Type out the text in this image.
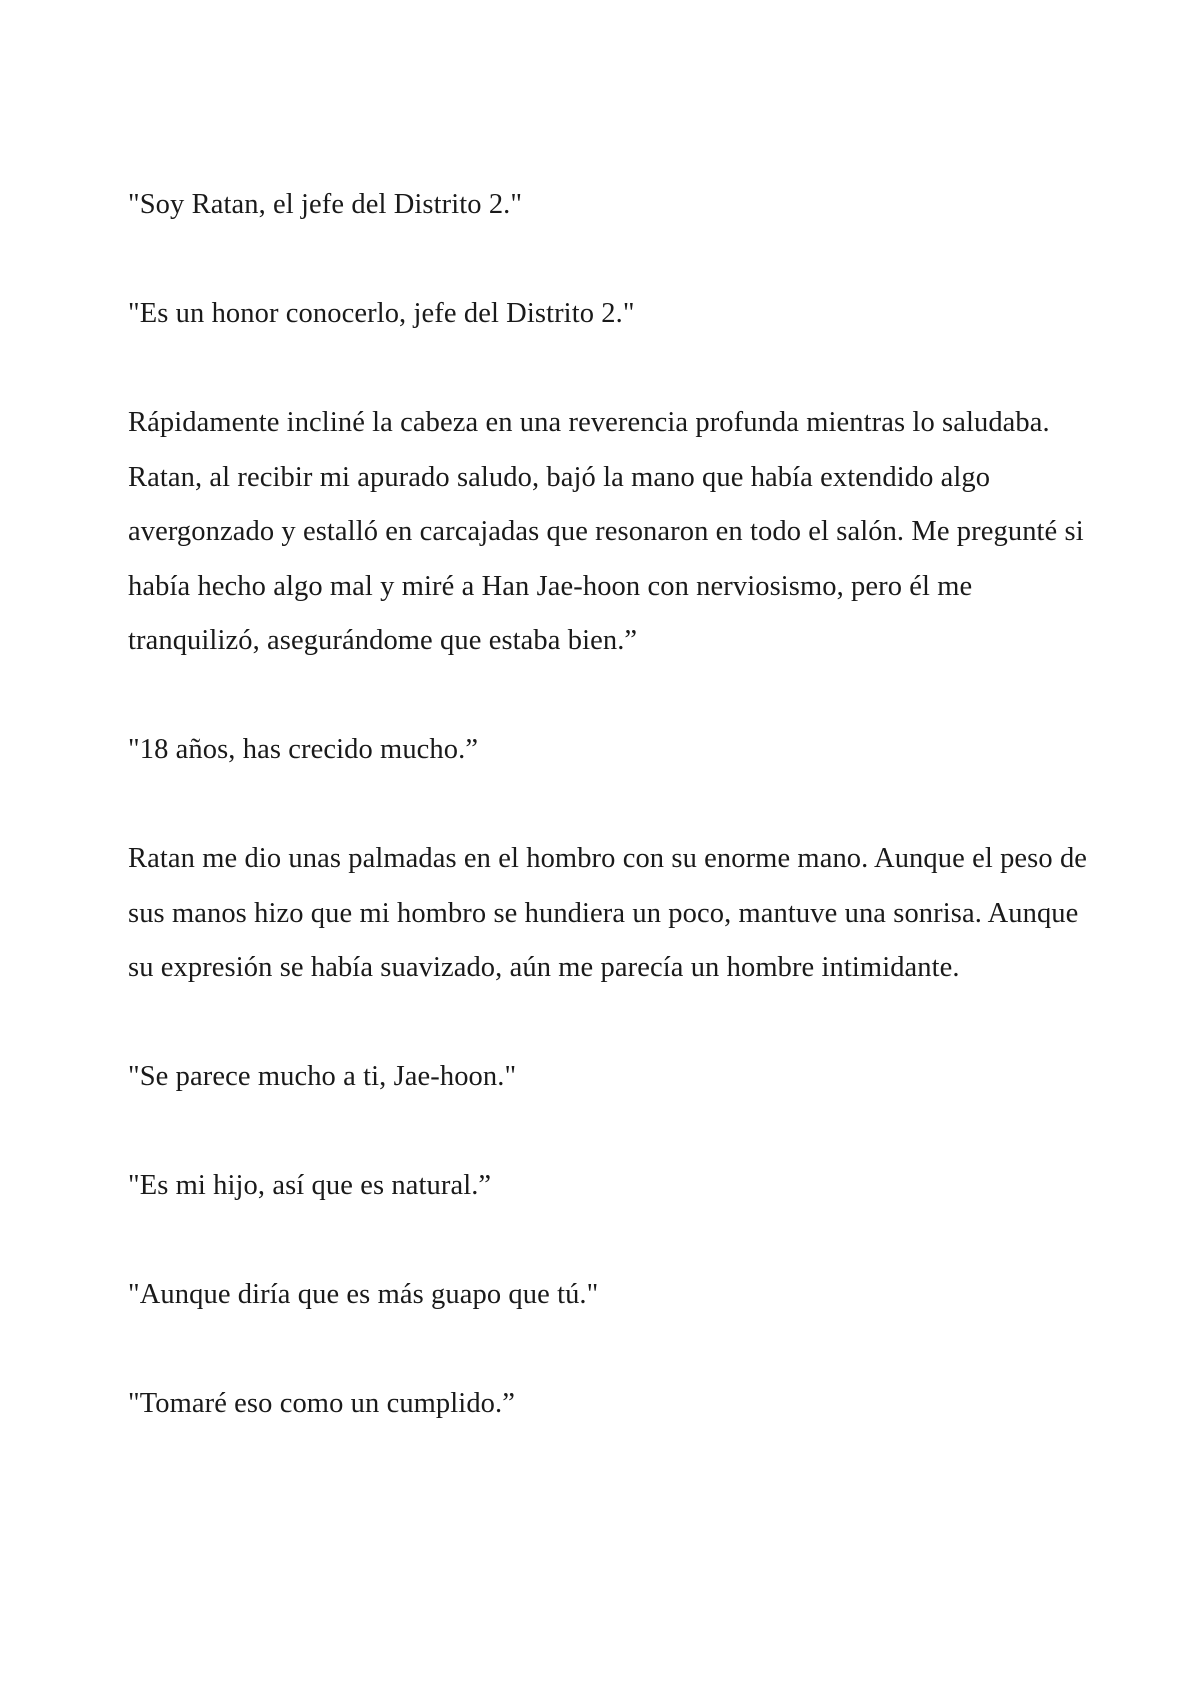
"Soy Ratan, el jefe del Distrito 2."

"Es un honor conocerlo, jefe del Distrito 2."

Rápidamente incliné la cabeza en una reverencia profunda mientras lo saludaba. Ratan, al recibir mi apurado saludo, bajó la mano que había extendido algo avergonzado y estalló en carcajadas que resonaron en todo el salón. Me pregunté si había hecho algo mal y miré a Han Jae-hoon con nerviosismo, pero él me tranquilizó, asegurándome que estaba bien.”

"18 años, has crecido mucho.”

Ratan me dio unas palmadas en el hombro con su enorme mano. Aunque el peso de sus manos hizo que mi hombro se hundiera un poco, mantuve una sonrisa. Aunque su expresión se había suavizado, aún me parecía un hombre intimidante.

"Se parece mucho a ti, Jae-hoon."

"Es mi hijo, así que es natural.”

"Aunque diría que es más guapo que tú."

"Tomaré eso como un cumplido.”
